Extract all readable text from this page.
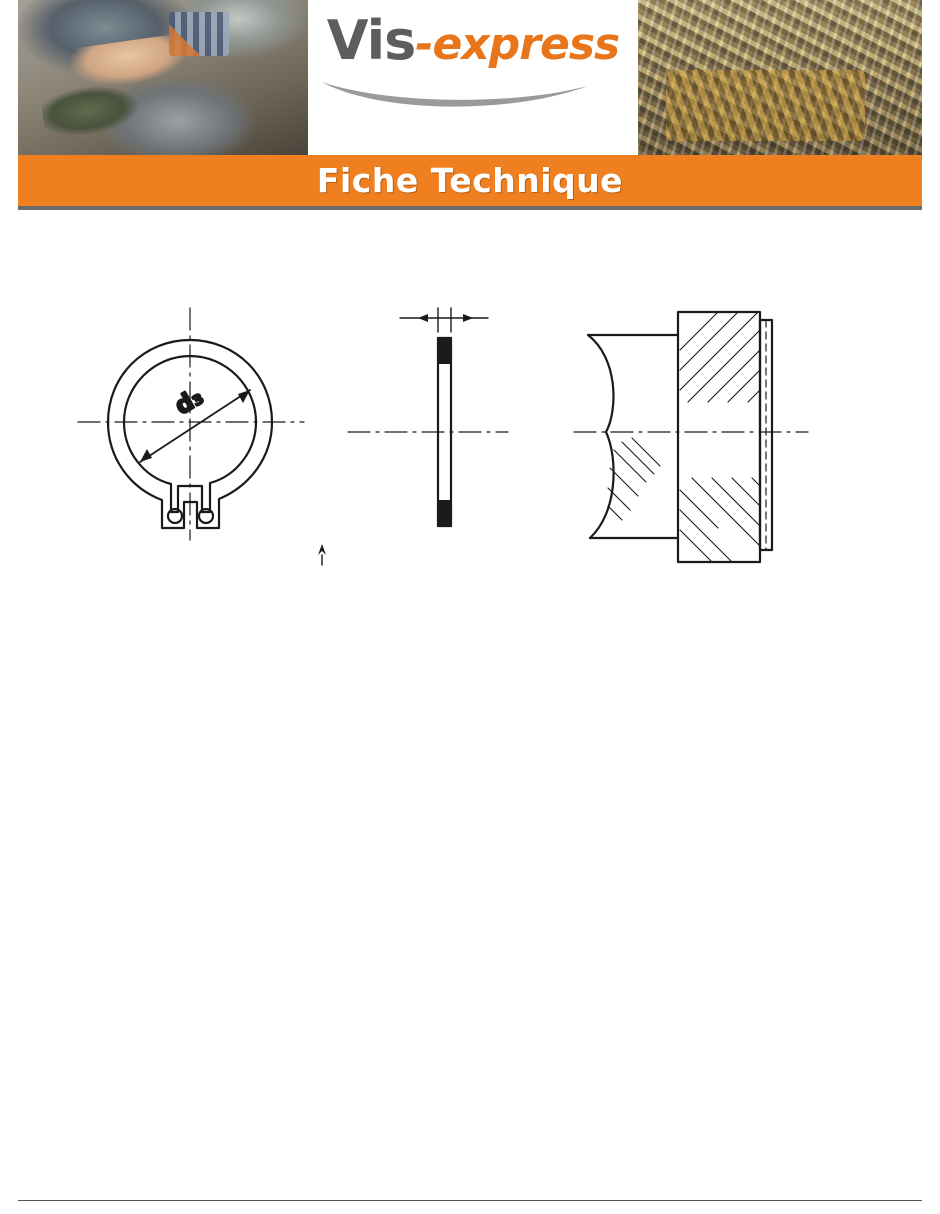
Vis-express
Fiche Technique
d₃
